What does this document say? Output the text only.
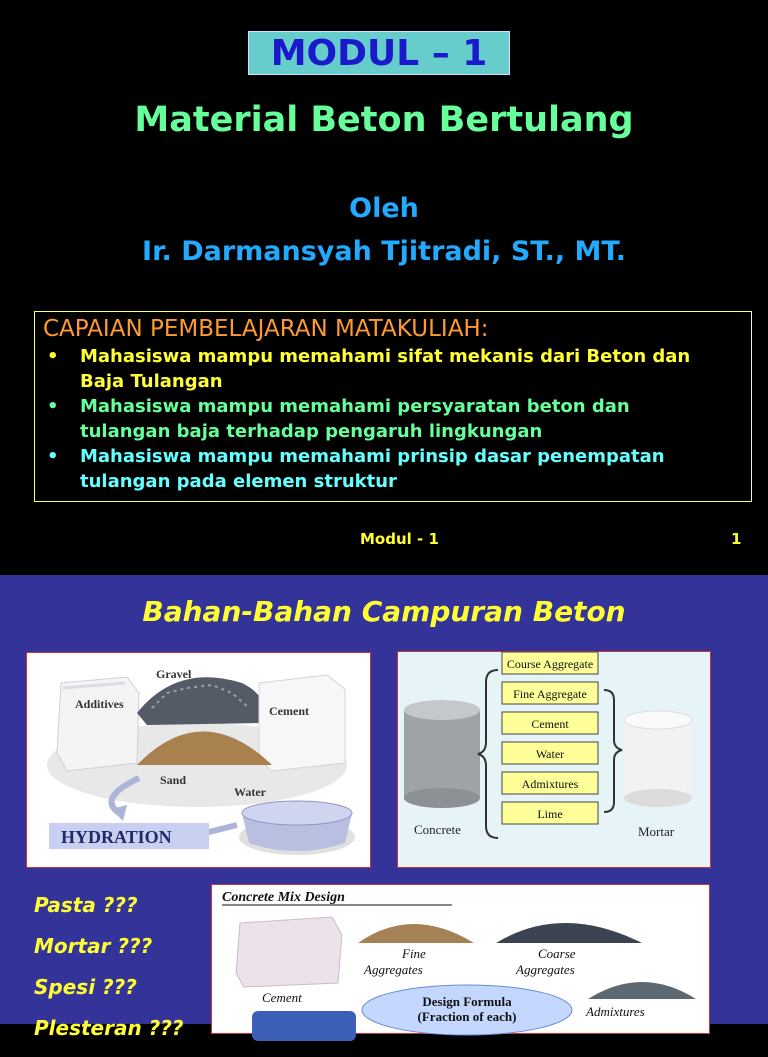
MODUL – 1
Material Beton Bertulang
Oleh
Ir. Darmansyah Tjitradi, ST., MT.
CAPAIAN PEMBELAJARAN MATAKULIAH:
• Mahasiswa mampu memahami sifat mekanis dari Beton dan
Baja Tulangan
• Mahasiswa mampu memahami persyaratan beton dan
tulangan baja terhadap pengaruh lingkungan
• Mahasiswa mampu memahami prinsip dasar penempatan
tulangan pada elemen struktur
Modul - 1	1
Bahan-Bahan Campuran Beton
Additives
Gravel
Cement
Sand
Water
HYDRATION	Concrete
Course Aggregate
Fine Aggregate
Cement
Water
Admixtures
Lime
Mortar
Concrete Mix Design
Cement
Fine
Aggregates
Coarse
Aggregates
Design Formula
(Fraction of each)	Admixtures
Pasta ???
Mortar ???
Spesi ???
Plesteran ???
